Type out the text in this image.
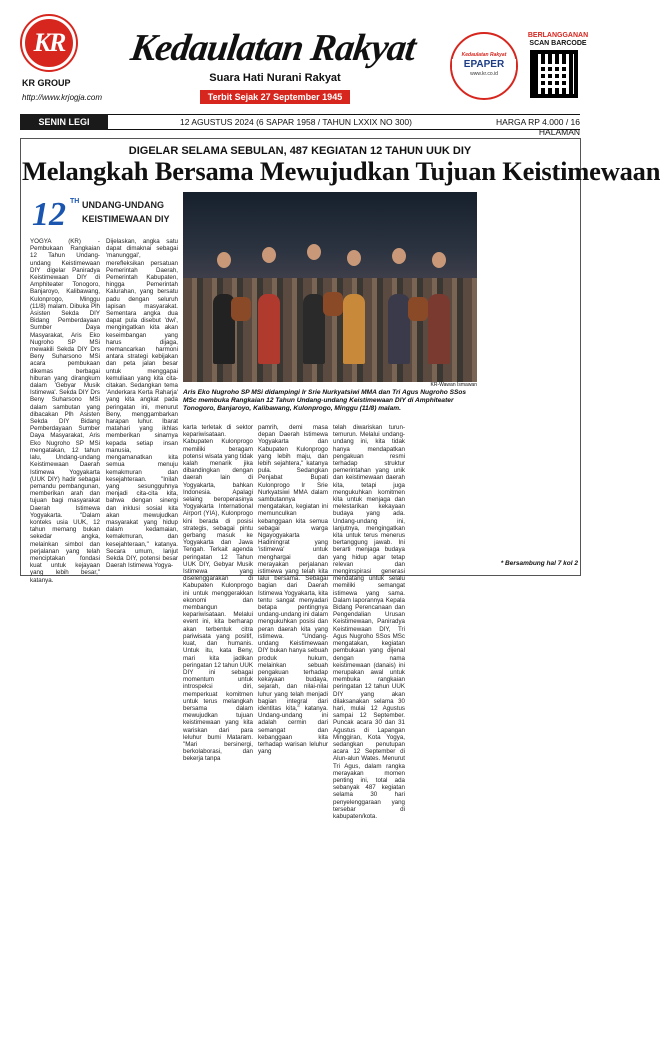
KR
KR GROUP
http://www.krjogja.com
Kedaulatan Rakyat
Suara Hati Nurani Rakyat
Terbit Sejak 27 September 1945
Kedaulatan Rakyat
EPAPER
www.kr.co.id
BERLANGGANAN
SCAN BARCODE
SENIN LEGI	12 AGUSTUS 2024 (6 SAPAR 1958 / TAHUN LXXIX NO 300)	HARGA RP 4.000 / 16 HALAMAN
DIGELAR SELAMA SEBULAN, 487 KEGIATAN 12 TAHUN UUK DIY
Melangkah Bersama Mewujudkan Tujuan Keistimewaan
12 TH UNDANG-UNDANG
KEISTIMEWAAN DIY
KR-Wawan Ismawan
Aris Eko Nugroho SP MSi didampingi Ir Srie Nurkyatsiwi MMA dan Tri Agus Nugroho SSos MSc membuka Rangkaian 12 Tahun Undang-undang Keistimewaan DIY di Amphiteater Tonogoro, Banjaroyo, Kalibawang, Kulonprogo, Minggu (11/8) malam.
YOGYA (KR) - Pembukaan Rangkaian 12 Tahun Undang-undang Keistimewaan DIY digelar Paniradya Keistimewaan DIY di Amphiteater Tonogoro, Banjaroyo, Kalibawang, Kulonprogo, Minggu (11/8) malam. Dibuka Plh Asisten Sekda DIY Bidang Pemberdayaan Sumber Daya Masyarakat, Aris Eko Nugroho SP MSi mewakili Sekda DIY Drs Beny Suharsono MSi acara pembukaan dikemas berbagai hiburan yang dirangkum dalam 'Gebyar Musik Istimewa'. Sekda DIY Drs Beny Suharsono MSi dalam sambutan yang dibacakan Plh Asisten Sekda DIY Bidang Pemberdayaan Sumber Daya Masyarakat, Aris Eko Nugroho SP MSi mengatakan, 12 tahun lalu, Undang-undang Keistimewaan Daerah Istimewa Yogyakarta (UUK DIY) hadir sebagai pemandu pembangunan, memberikan arah dan tujuan bagi masyarakat Daerah Istimewa Yogyakarta. "Dalam konteks usia UUK, 12 tahun memang bukan sekedar angka, melainkan simbol dan perjalanan yang telah menciptakan fondasi kuat untuk kejayaan yang lebih besar," katanya.
Dijelaskan, angka satu dapat dimaknai sebagai 'manunggal', merefleksikan persatuan Pemerintah Daerah, Pemerintah Kabupaten, hingga Pemerintah Kalurahan, yang bersatu padu dengan seluruh lapisan masyarakat. Sementara angka dua dapat pula disebut 'dwi', mengingatkan kita akan keseimbangan yang harus dijaga, memancarkan harmoni antara strategi kebijakan dan peta jalan besar untuk menggapai kemuliaan yang kita cita-citakan. Sedangkan tema 'Anderkara Kerta Raharja' yang kita angkat pada peringatan ini, menurut Beny, menggambarkan harapan luhur. Ibarat matahari yang ikhlas memberikan sinarnya kepada setiap insan manusia, mengamanatkan kita semua menuju kemakmuran dan kesejahteraan. "Inilah yang sesungguhnya menjadi cita-cita kita, bahwa dengan sinergi dan inklusi sosial kita akan mewujudkan masyarakat yang hidup dalam kedamaian, kemakmuran, dan kesejahteraan," katanya. Secara umum, lanjut Sekda DIY, potensi besar Daerah Istimewa Yogya-
karta terletak di sektor kepariwisataan. Kabupaten Kulonprogo memiliki beragam potensi wisata yang tidak kalah menarik jika dibandingkan dengan daerah lain di Yogyakarta, bahkan Indonesia. Apalagi selaing beroperasinya Yogyakarta International Airport (YIA), Kulonprogo kini berada di posisi strategis, sebagai pintu gerbang masuk ke Yogyakarta dan Jawa Tengah. Terkait agenda peringatan 12 Tahun UUK DIY, Gebyar Musik Istimewa yang diselenggarakan di Kabupaten Kulonprogo ini untuk menggerakkan ekonomi dan membangun kepariwisataan. Melalui event ini, kita berharap akan terbentuk citra pariwisata yang positif, kuat, dan humanis. Untuk itu, kata Beny, mari kita jadikan peringatan 12 tahun UUK DIY ini sebagai momentum untuk introspeksi diri, memperkuat komitmen untuk terus melangkah bersama dalam mewujudkan tujuan keistimewaan yang kita wariskan dari para leluhur bumi Mataram. "Mari bersinergi, berkolaborasi, dan bekerja tanpa
pamrih, demi masa depan Daerah Istimewa Yogyakarta dan Kabupaten Kulonprogo yang lebih maju, dan lebih sejahtera," katanya pula. Sedangkan Penjabat Bupati Kulonprogo Ir Srie Nurkyatsiwi MMA dalam sambutannya mengatakan, kegiatan ini memunculkan kebanggaan kita semua sebagai warga Ngayogyakarta Hadiningrat yang 'istimewa' untuk menghargai dan merayakan perjalanan istimewa yang telah kita lalui bersama. Sebagai bagian dari Daerah Istimewa Yogyakarta, kita tentu sangat menyadari betapa pentingnya undang-undang ini dalam mengukuhkan posisi dan peran daerah kita yang istimewa. "Undang-undang Keistimewaan DIY bukan hanya sebuah produk hukum, melainkan sebuah pengakuan terhadap kekayaan budaya, sejarah, dan nilai-nilai luhur yang telah menjadi bagian integral dari identitas kita," katanya. Undang-undang ini adalah cermin dari semangat dan kebanggaan kita terhadap warisan leluhur yang
telah diwariskan turun-temurun. Melalui undang-undang ini, kita tidak hanya mendapatkan pengakuan resmi terhadap struktur pemerintahan yang unik dan keistimewaan daerah kita, tetapi juga mengukuhkan komitmen kita untuk menjaga dan melestarikan kekayaan budaya yang ada. Undang-undang ini, lanjutnya, mengingatkan kita untuk terus menerus bertanggung jawab. Ini berarti menjaga budaya yang hidup agar tetap relevan dan menginspirasi generasi mendatang untuk selalu memiliki semangat istimewa yang sama. Dalam laporannya Kepala Bidang Perencanaan dan Pengendalian Urusan Keistimewaan, Paniradya Keistimewaan DIY, Tri Agus Nugroho SSos MSc mengatakan, kegiatan pembukaan yang dijenal dengan nama keistimewaan (danais) ini merupakan awal untuk membuka rangkaian peringatan 12 tahun UUK DIY yang akan dilaksanakan selama 30 hari, mulai 12 Agustus sampai 12 September. Puncak acara 30 dan 31 Agustus di Lapangan Minggiran, Kota Yogya, sedangkan penutupan acara 12 September di Alun-alun Wates. Menurut Tri Agus, dalam rangka merayakan momen penting ini, total ada sebanyak 487 kegiatan selama 30 hari penyelenggaraan yang tersebar di kabupaten/kota.
* Bersambung hal 7 kol 2
